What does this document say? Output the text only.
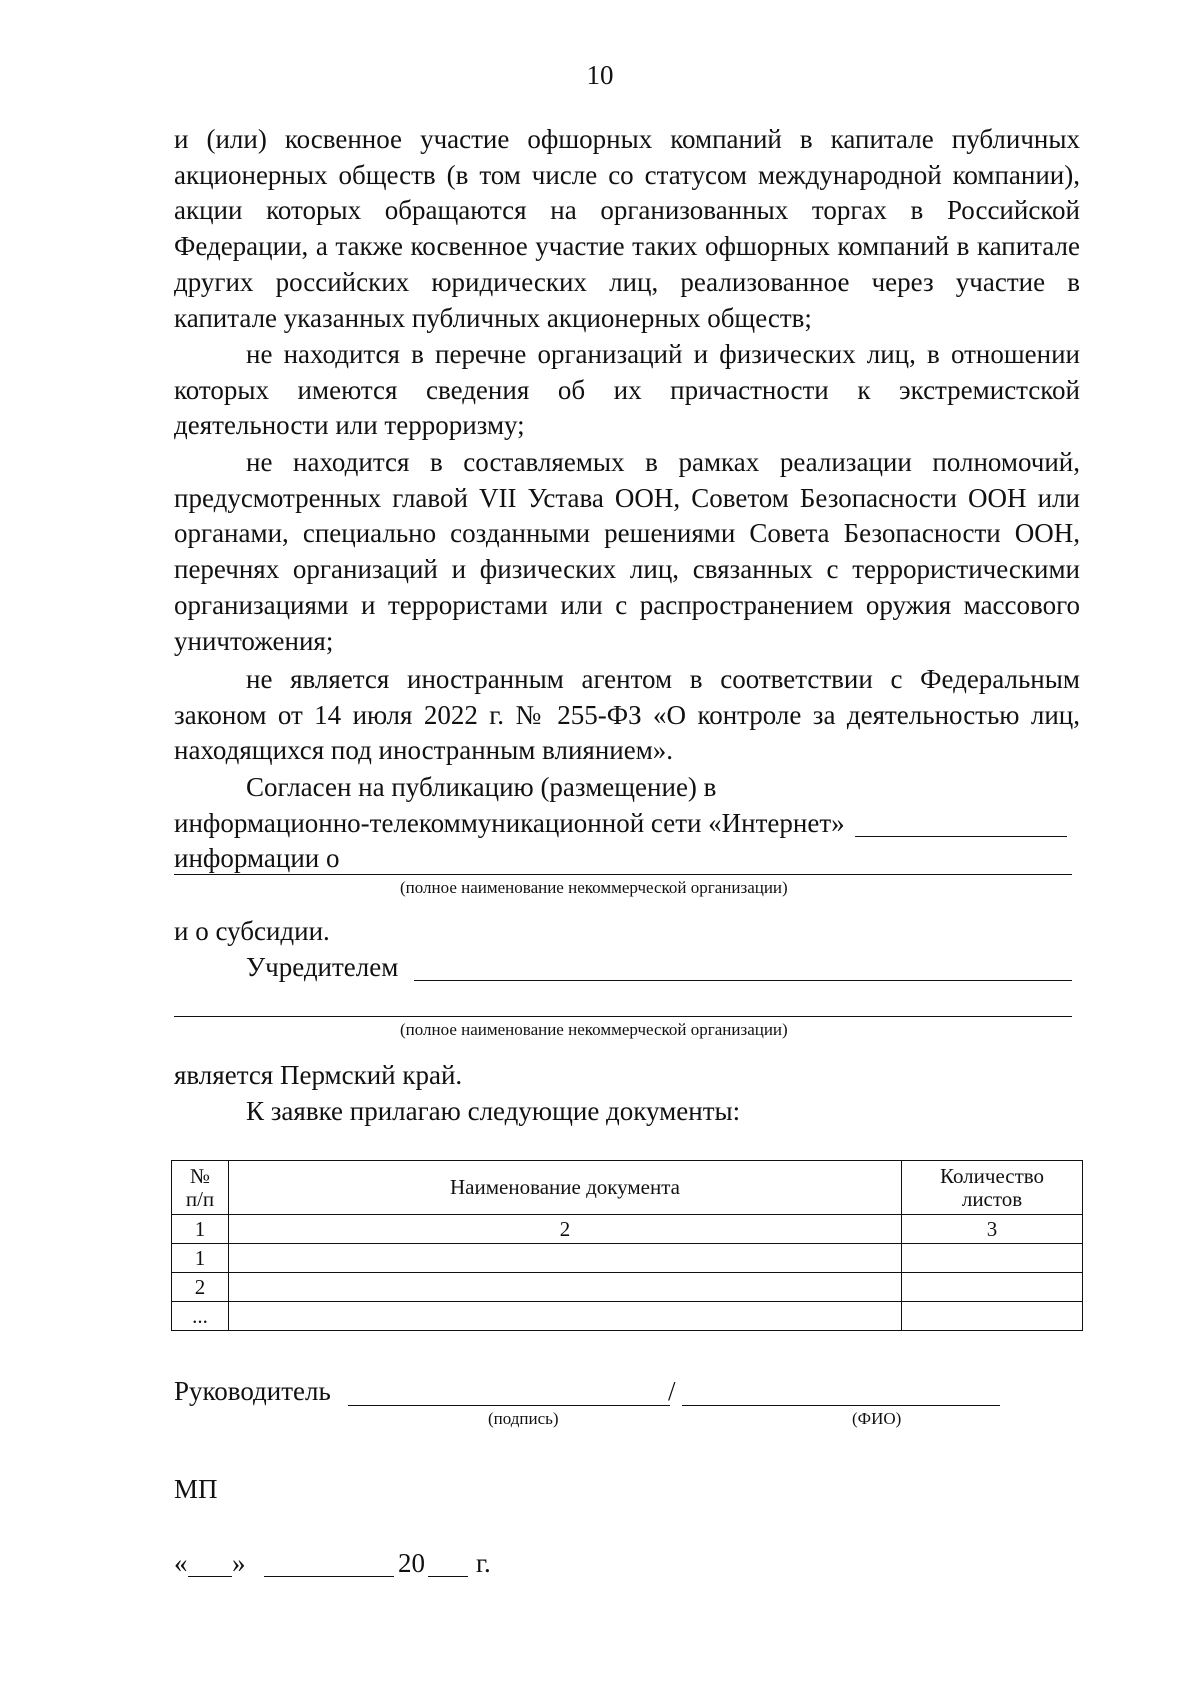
10
и (или) косвенное участие офшорных компаний в капитале публичных акционерных обществ (в том числе со статусом международной компании), акции которых обращаются на организованных торгах в Российской Федерации, а также косвенное участие таких офшорных компаний в капитале других российских юридических лиц, реализованное через участие в капитале указанных публичных акционерных обществ;
не находится в перечне организаций и физических лиц, в отношении которых имеются сведения об их причастности к экстремистской деятельности или терроризму;
не находится в составляемых в рамках реализации полномочий, предусмотренных главой VII Устава ООН, Советом Безопасности ООН или органами, специально созданными решениями Совета Безопасности ООН, перечнях организаций и физических лиц, связанных с террористическими организациями и террористами или с распространением оружия массового уничтожения;
не является иностранным агентом в соответствии с Федеральным законом от 14 июля 2022 г. № 255-ФЗ «О контроле за деятельностью лиц, находящихся под иностранным влиянием».
Согласен на публикацию (размещение) в информационно-телекоммуникационной сети «Интернет» информации о
(полное наименование некоммерческой организации)
и о субсидии.
Учредителем
(полное наименование некоммерческой организации)
является Пермский край.
К заявке прилагаю следующие документы:
№ п/п	Наименование документа	Количество листов
1	2	3
1		
2		
...		
Руководитель	/
(подпись)	(ФИО)
МП
« »	20 г.
